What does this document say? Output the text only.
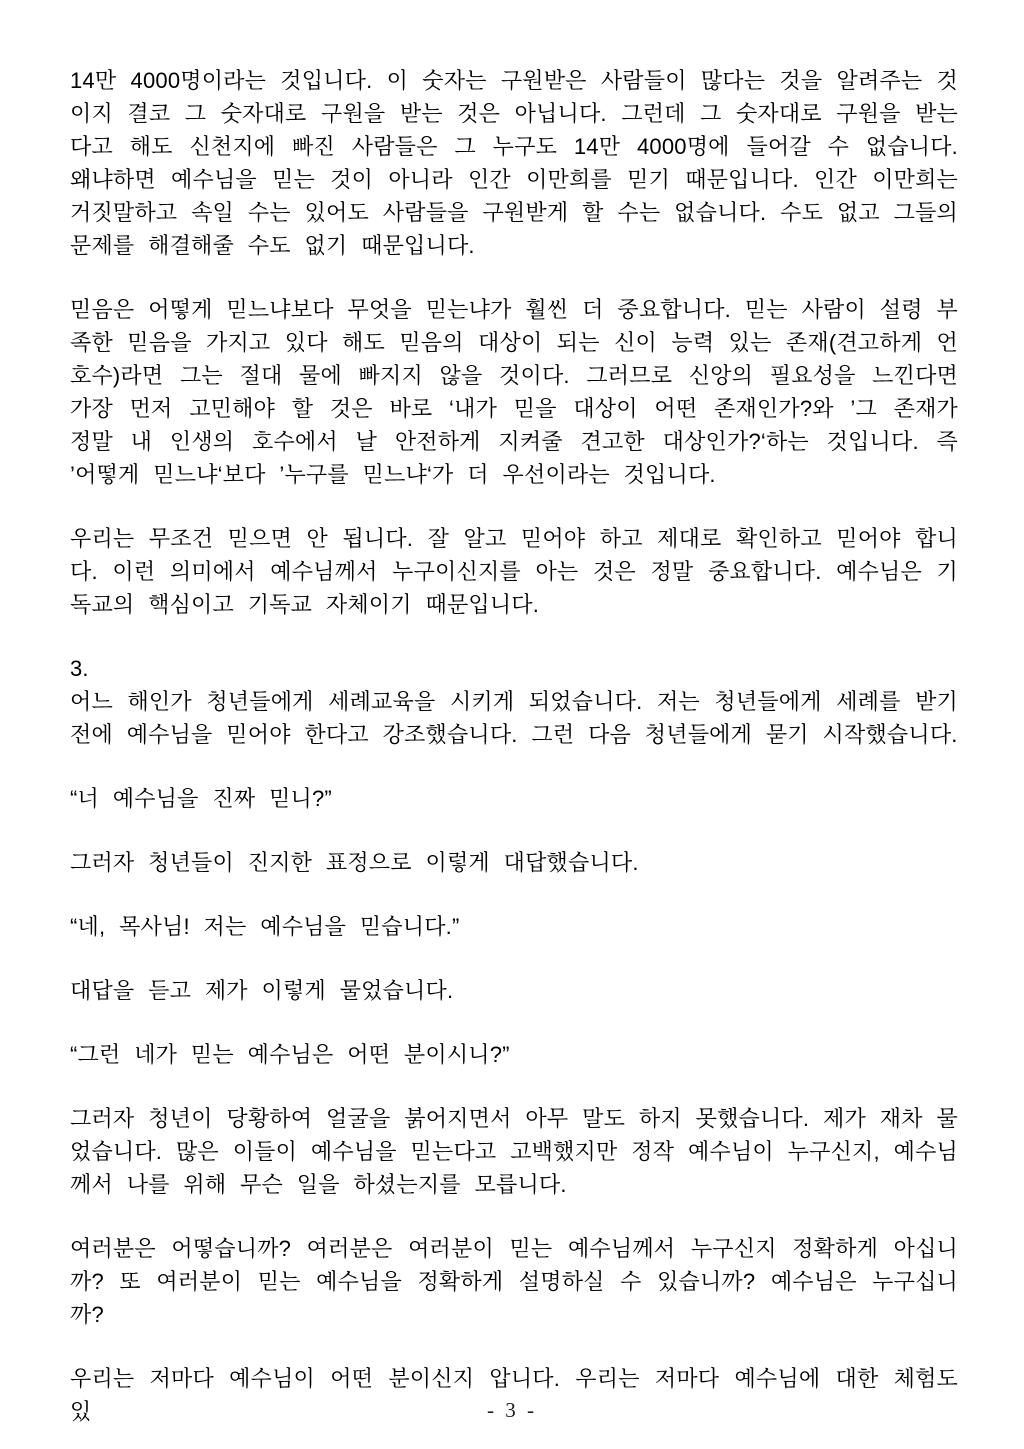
14만 4000명이라는 것입니다. 이 숫자는 구원받은 사람들이 많다는 것을 알려주는 것이지 결코 그 숫자대로 구원을 받는 것은 아닙니다. 그런데 그 숫자대로 구원을 받는다고 해도 신천지에 빠진 사람들은 그 누구도 14만 4000명에 들어갈 수 없습니다. 왜냐하면 예수님을 믿는 것이 아니라 인간 이만희를 믿기 때문입니다. 인간 이만희는 거짓말하고 속일 수는 있어도 사람들을 구원받게 할 수는 없습니다. 수도 없고 그들의 문제를 해결해줄 수도 없기 때문입니다.

믿음은 어떻게 믿느냐보다 무엇을 믿는냐가 훨씬 더 중요합니다. 믿는 사람이 설령 부족한 믿음을 가지고 있다 해도 믿음의 대상이 되는 신이 능력 있는 존재(견고하게 언 호수)라면 그는 절대 물에 빠지지 않을 것이다. 그러므로 신앙의 필요성을 느낀다면 가장 먼저 고민해야 할 것은 바로 ‘내가 믿을 대상이 어떤 존재인가?와 ’그 존재가 정말 내 인생의 호수에서 날 안전하게 지켜줄 견고한 대상인가?‘하는 것입니다. 즉 ’어떻게 믿느냐‘보다 ’누구를 믿느냐‘가 더 우선이라는 것입니다.

우리는 무조건 믿으면 안 됩니다. 잘 알고 믿어야 하고 제대로 확인하고 믿어야 합니다. 이런 의미에서 예수님께서 누구이신지를 아는 것은 정말 중요합니다. 예수님은 기독교의 핵심이고 기독교 자체이기 때문입니다.

3.

어느 해인가 청년들에게 세례교육을 시키게 되었습니다. 저는 청년들에게 세례를 받기 전에 예수님을 믿어야 한다고 강조했습니다. 그런 다음 청년들에게 묻기 시작했습니다.

“너 예수님을 진짜 믿니?”

그러자 청년들이 진지한 표정으로 이렇게 대답했습니다.

“네, 목사님! 저는 예수님을 믿습니다.”

대답을 듣고 제가 이렇게 물었습니다.

“그런 네가 믿는 예수님은 어떤 분이시니?”

그러자 청년이 당황하여 얼굴을 붉어지면서 아무 말도 하지 못했습니다. 제가 재차 물었습니다. 많은 이들이 예수님을 믿는다고 고백했지만 정작 예수님이 누구신지, 예수님께서 나를 위해 무슨 일을 하셨는지를 모릅니다.

여러분은 어떻습니까? 여러분은 여러분이 믿는 예수님께서 누구신지 정확하게 아십니까? 또 여러분이 믿는 예수님을 정확하게 설명하실 수 있습니까? 예수님은 누구십니까?

우리는 저마다 예수님이 어떤 분이신지 압니다. 우리는 저마다 예수님에 대한 체험도 있	- 3 -
